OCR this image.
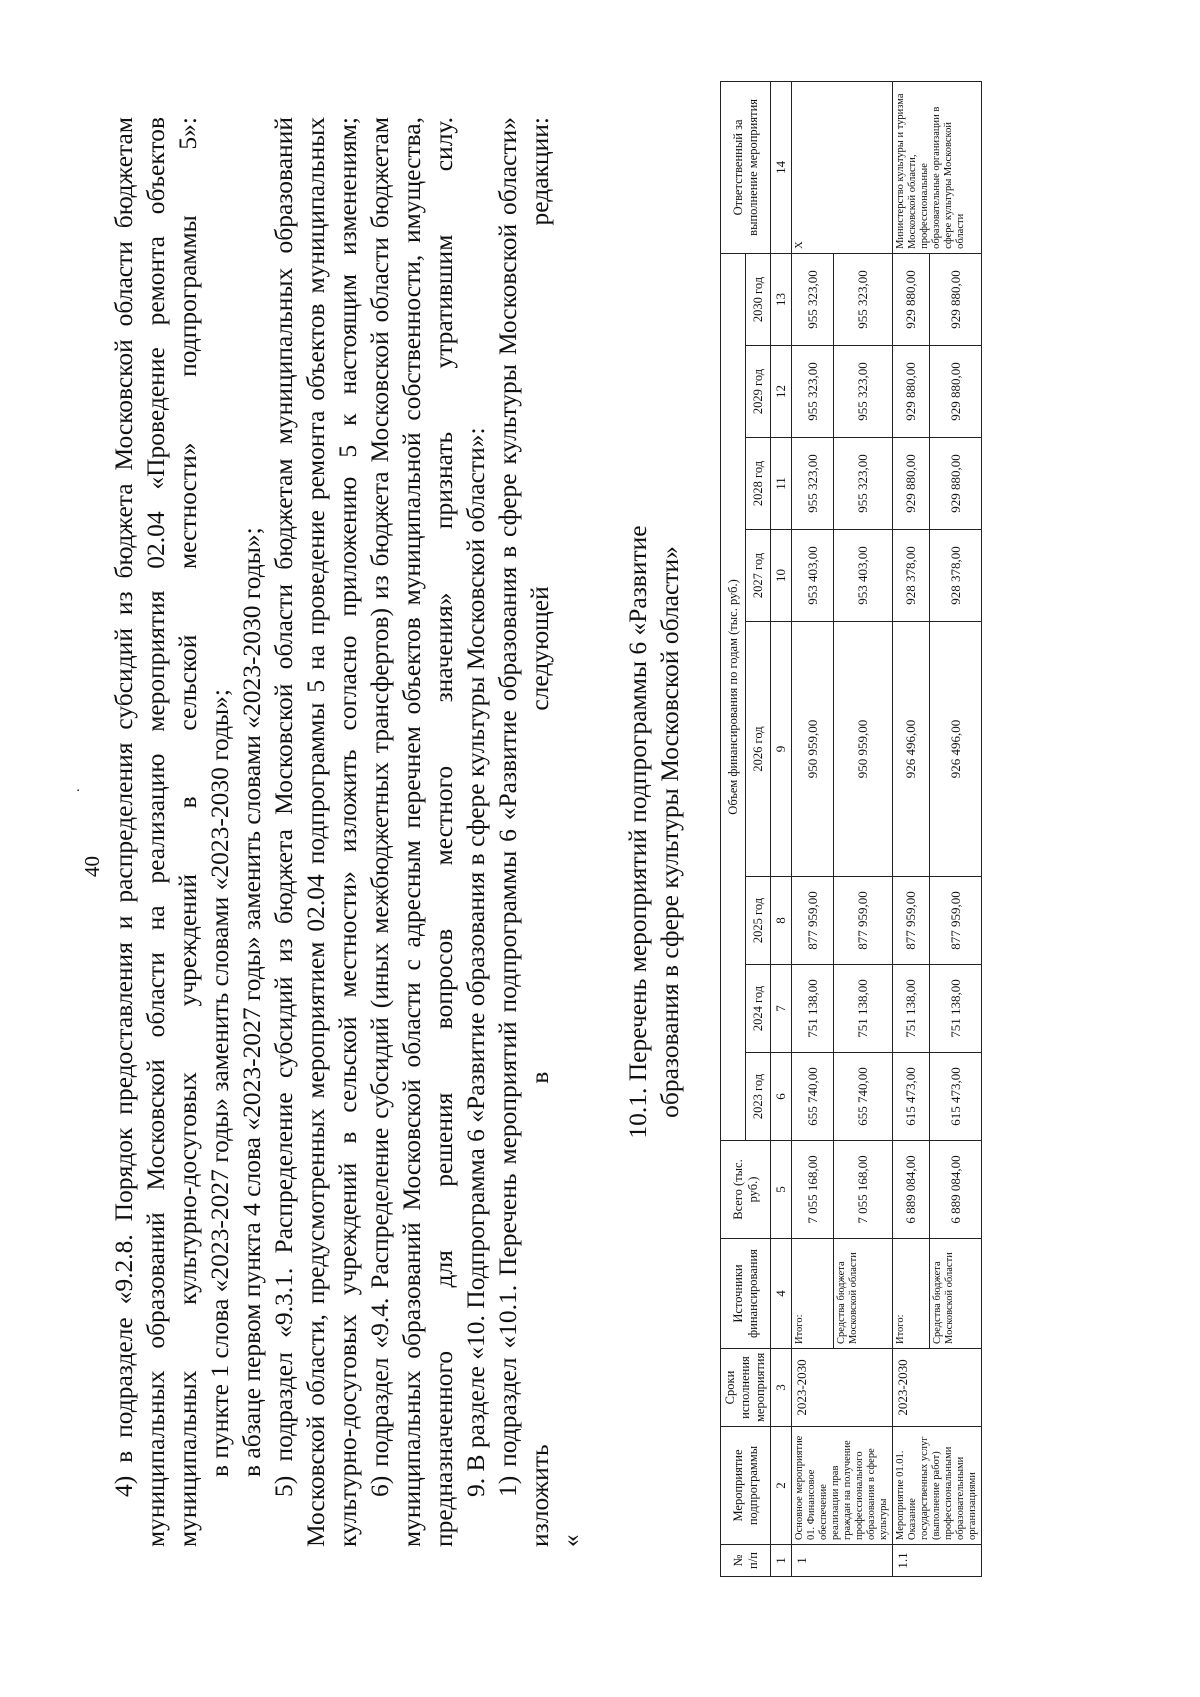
.
40 4) в подразделе «9.2.8. Порядок предоставления и распределения субсидий из бюджета Московской области бюджетам муниципальных образований Московской области на реализацию мероприятия 02.04 «Проведение ремонта объектов муниципальных культурно-досуговых учреждений в сельской местности» подпрограммы 5»: в пункте 1 слова «2023-2027 годы» заменить словами «2023-2030 годы»; в абзаце первом пункта 4 слова «2023-2027 годы» заменить словами «2023-2030 годы»; 5) подраздел «9.3.1. Распределение субсидий из бюджета Московской области бюджетам муниципальных образований Московской области, предусмотренных мероприятием 02.04 подпрограммы 5 на проведение ремонта объектов муниципальных культурно-досуговых учреждений в сельской местности» изложить согласно приложению 5 к настоящим изменениям; 6) подраздел «9.4. Распределение субсидий (иных межбюджетных трансфертов) из бюджета Московской области бюджетам муниципальных образований Московской области с адресным перечнем объектов муниципальной собственности, имущества, предназначенного для решения вопросов местного значения» признать утратившим силу. 9. В разделе «10. Подпрограмма 6 «Развитие образования в сфере культуры Московской области»: 1) подраздел «10.1. Перечень мероприятий подпрограммы 6 «Развитие образования в сфере культуры Московской области» изложить в следующей редакции: «
10.1. Перечень мероприятий подпрограммы 6 «Развитие образования в сфере культуры Московской области»
№ п/п	Мероприятие подпрограммы	Сроки исполнения мероприятия	Источники финансирования	Всего (тыс. руб.)	Объем финансирования по годам (тыс. руб.)								Ответственный за выполнение мероприятия
					2023 год	2024 год	2025 год	2026 год	2027 год	2028 год	2029 год	2030 год	
1	2	3	4	5	6	7	8	9	10	11	12	13	14
1	Основное мероприятие 01. Финансовое обеспечение реализации прав граждан на получение профессионального образования в сфере культуры	2023-2030	Итого:	7 055 168,00	655 740,00	751 138,00	877 959,00	950 959,00	953 403,00	955 323,00	955 323,00	955 323,00	Х
			Средства бюджета Московской области	7 055 168,00	655 740,00	751 138,00	877 959,00	950 959,00	953 403,00	955 323,00	955 323,00	955 323,00	
1.1	Мероприятие 01.01. Оказание государственных услуг (выполнение работ) профессиональными образовательными организациями	2023-2030	Итого:	6 889 084,00	615 473,00	751 138,00	877 959,00	926 496,00	928 378,00	929 880,00	929 880,00	929 880,00	Министерство культуры и туризма Московской области, профессиональные образовательные организации в сфере культуры Московской области
			Средства бюджета Московской области	6 889 084,00	615 473,00	751 138,00	877 959,00	926 496,00	928 378,00	929 880,00	929 880,00	929 880,00	
